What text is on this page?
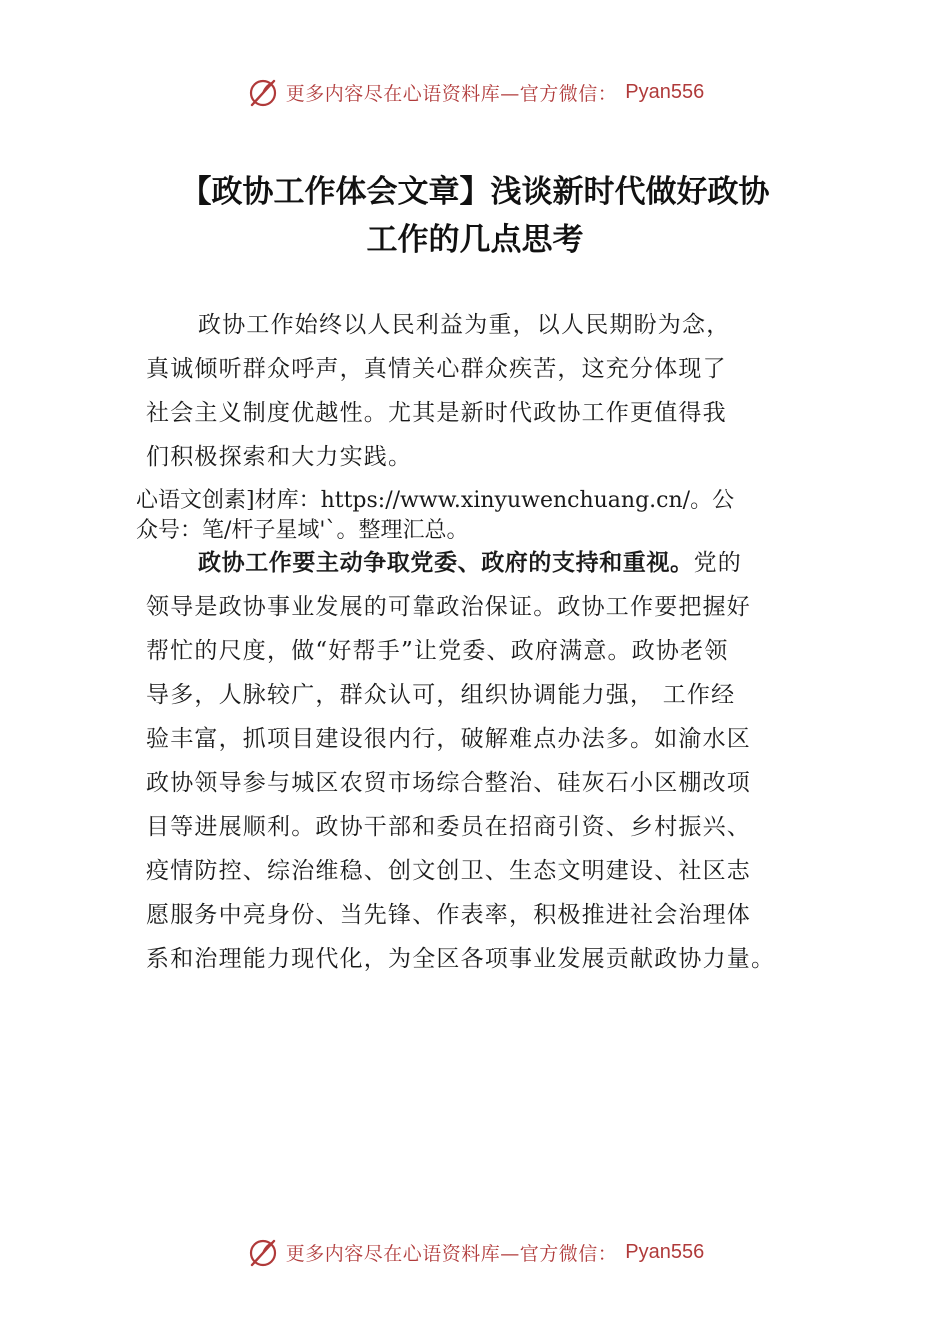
更多内容尽在心语资料库—官方微信： Pyan556
【政协工作体会文章】浅谈新时代做好政协
工作的几点思考
政协工作始终以人民利益为重，以人民期盼为念，
真诚倾听群众呼声，真情关心群众疾苦，这充分体现了
社会主义制度优越性。尤其是新时代政协工作更值得我
们积极探索和大力实践。
心语文创素]材库：https://www.xinyuwenchuang.cn/。公
众号：笔/杆子星域'`。整理汇总。
政协工作要主动争取党委、政府的支持和重视。党的
领导是政协事业发展的可靠政治保证。政协工作要把握好
帮忙的尺度，做“好帮手”让党委、政府满意。政协老领
导多，人脉较广，群众认可，组织协调能力强， 工作经
验丰富，抓项目建设很内行，破解难点办法多。如渝水区
政协领导参与城区农贸市场综合整治、硅灰石小区棚改项
目等进展顺利。政协干部和委员在招商引资、乡村振兴、
疫情防控、综治维稳、创文创卫、生态文明建设、社区志
愿服务中亮身份、当先锋、作表率，积极推进社会治理体
系和治理能力现代化，为全区各项事业发展贡献政协力量。
更多内容尽在心语资料库—官方微信： Pyan556
